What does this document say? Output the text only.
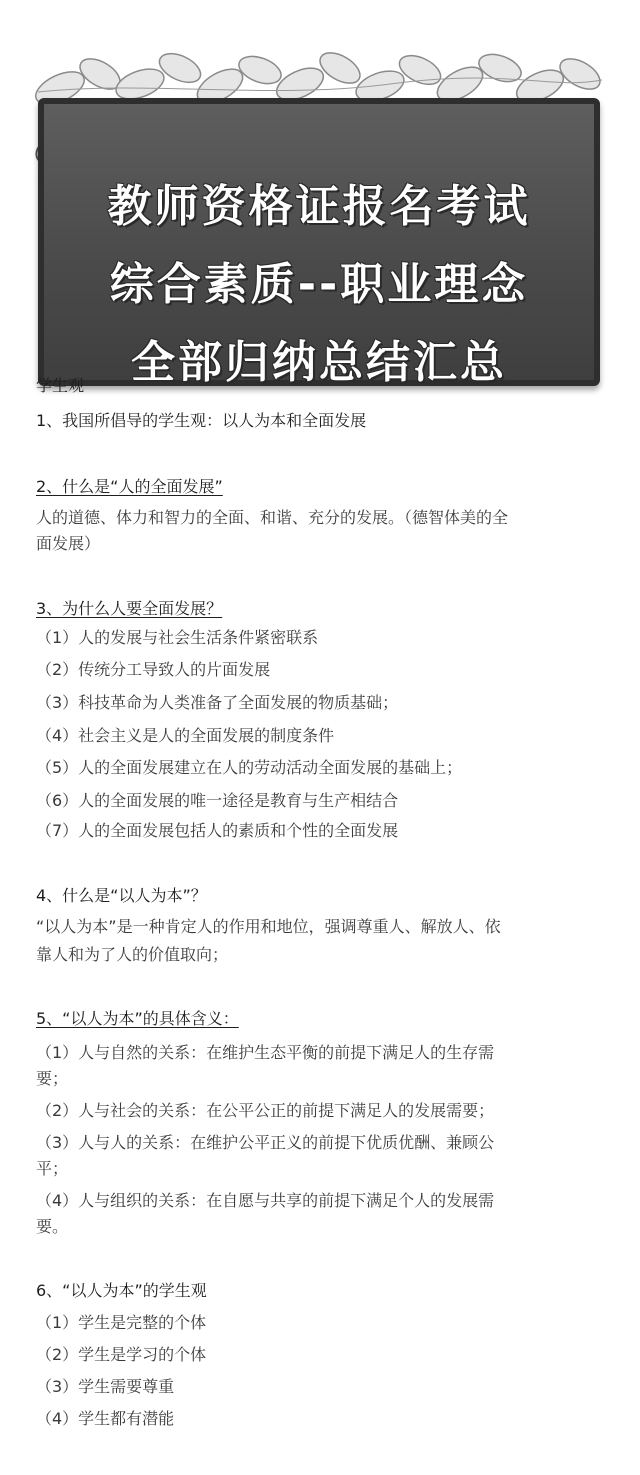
教师资格证报名考试
综合素质--职业理念
全部归纳总结汇总
学生观
1、我国所倡导的学生观：以人为本和全面发展
2、什么是“人的全面发展”
人的道德、体力和智力的全面、和谐、充分的发展。（德智体美的全
面发展）
3、为什么人要全面发展？
（1）人的发展与社会生活条件紧密联系
（2）传统分工导致人的片面发展
（3）科技革命为人类准备了全面发展的物质基础；
（4）社会主义是人的全面发展的制度条件
（5）人的全面发展建立在人的劳动活动全面发展的基础上；
（6）人的全面发展的唯一途径是教育与生产相结合
（7）人的全面发展包括人的素质和个性的全面发展
4、什么是“以人为本”？
“以人为本”是一种肯定人的作用和地位，强调尊重人、解放人、依
靠人和为了人的价值取向；
5、“以人为本”的具体含义：
（1）人与自然的关系：在维护生态平衡的前提下满足人的生存需
要；
（2）人与社会的关系：在公平公正的前提下满足人的发展需要；
（3）人与人的关系：在维护公平正义的前提下优质优酬、兼顾公
平；
（4）人与组织的关系：在自愿与共享的前提下满足个人的发展需
要。
6、“以人为本”的学生观
（1）学生是完整的个体
（2）学生是学习的个体
（3）学生需要尊重
（4）学生都有潜能
